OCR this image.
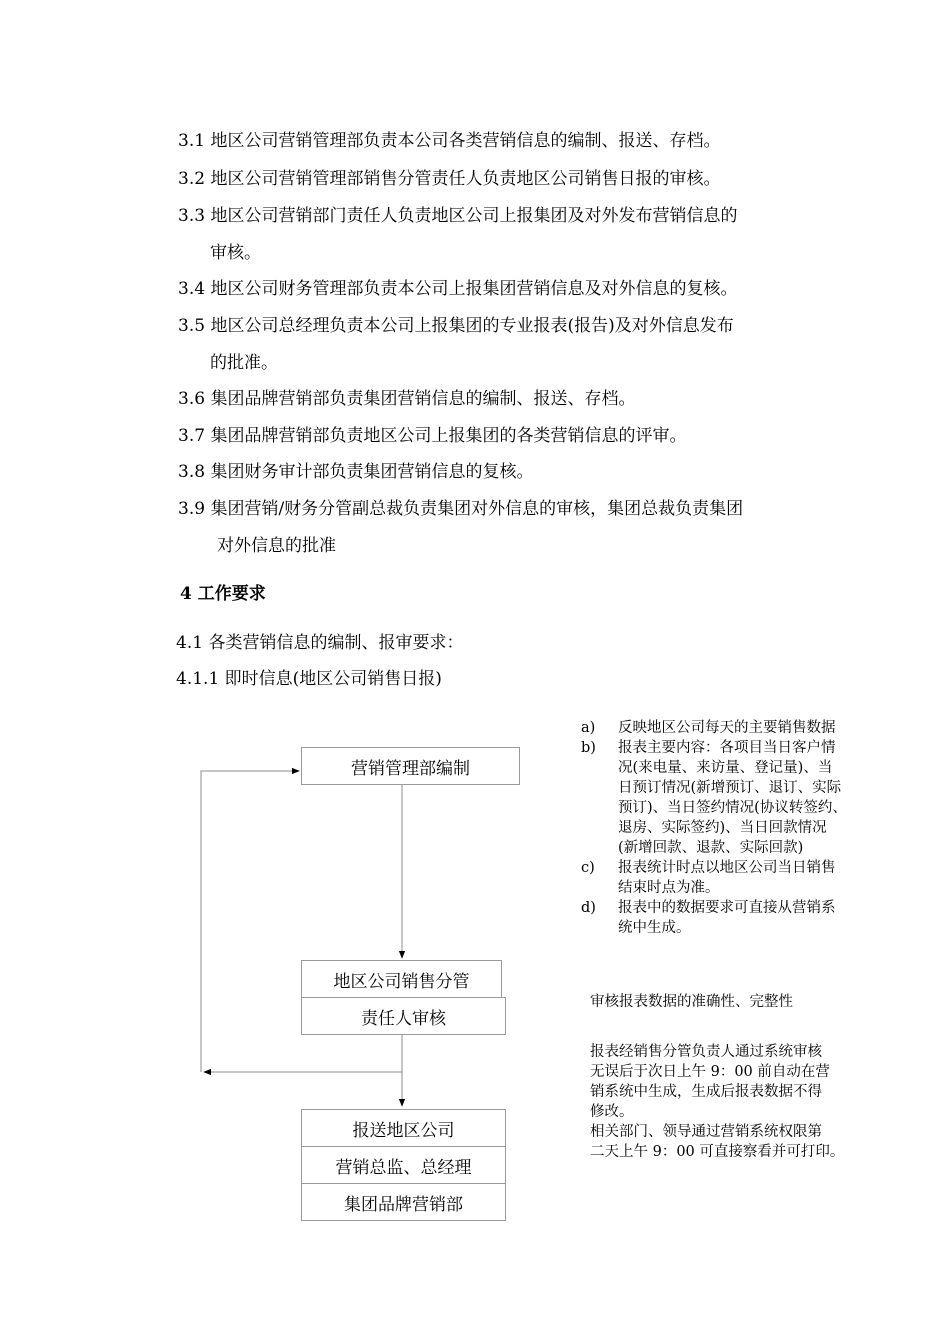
3.1 地区公司营销管理部负责本公司各类营销信息的编制、报送、存档。
3.2 地区公司营销管理部销售分管责任人负责地区公司销售日报的审核。
3.3 地区公司营销部门责任人负责地区公司上报集团及对外发布营销信息的
审核。
3.4 地区公司财务管理部负责本公司上报集团营销信息及对外信息的复核。
3.5 地区公司总经理负责本公司上报集团的专业报表(报告)及对外信息发布
的批准。
3.6 集团品牌营销部负责集团营销信息的编制、报送、存档。
3.7 集团品牌营销部负责地区公司上报集团的各类营销信息的评审。
3.8 集团财务审计部负责集团营销信息的复核。
3.9 集团营销/财务分管副总裁负责集团对外信息的审核，集团总裁负责集团
对外信息的批准
4 工作要求
4.1 各类营销信息的编制、报审要求：
4.1.1 即时信息(地区公司销售日报)
营销管理部编制
地区公司销售分管
责任人审核
报送地区公司
营销总监、总经理
集团品牌营销部
a) 反映地区公司每天的主要销售数据
b) 报表主要内容：各项目当日客户情
况(来电量、来访量、登记量)、当
日预订情况(新增预订、退订、实际
预订)、当日签约情况(协议转签约、
退房、实际签约)、当日回款情况
(新增回款、退款、实际回款)
c) 报表统计时点以地区公司当日销售
结束时点为准。
d) 报表中的数据要求可直接从营销系
统中生成。
审核报表数据的准确性、完整性
报表经销售分管负责人通过系统审核
无误后于次日上午 9：00 前自动在营
销系统中生成，生成后报表数据不得
修改。
相关部门、领导通过营销系统权限第
二天上午 9：00 可直接察看并可打印。
